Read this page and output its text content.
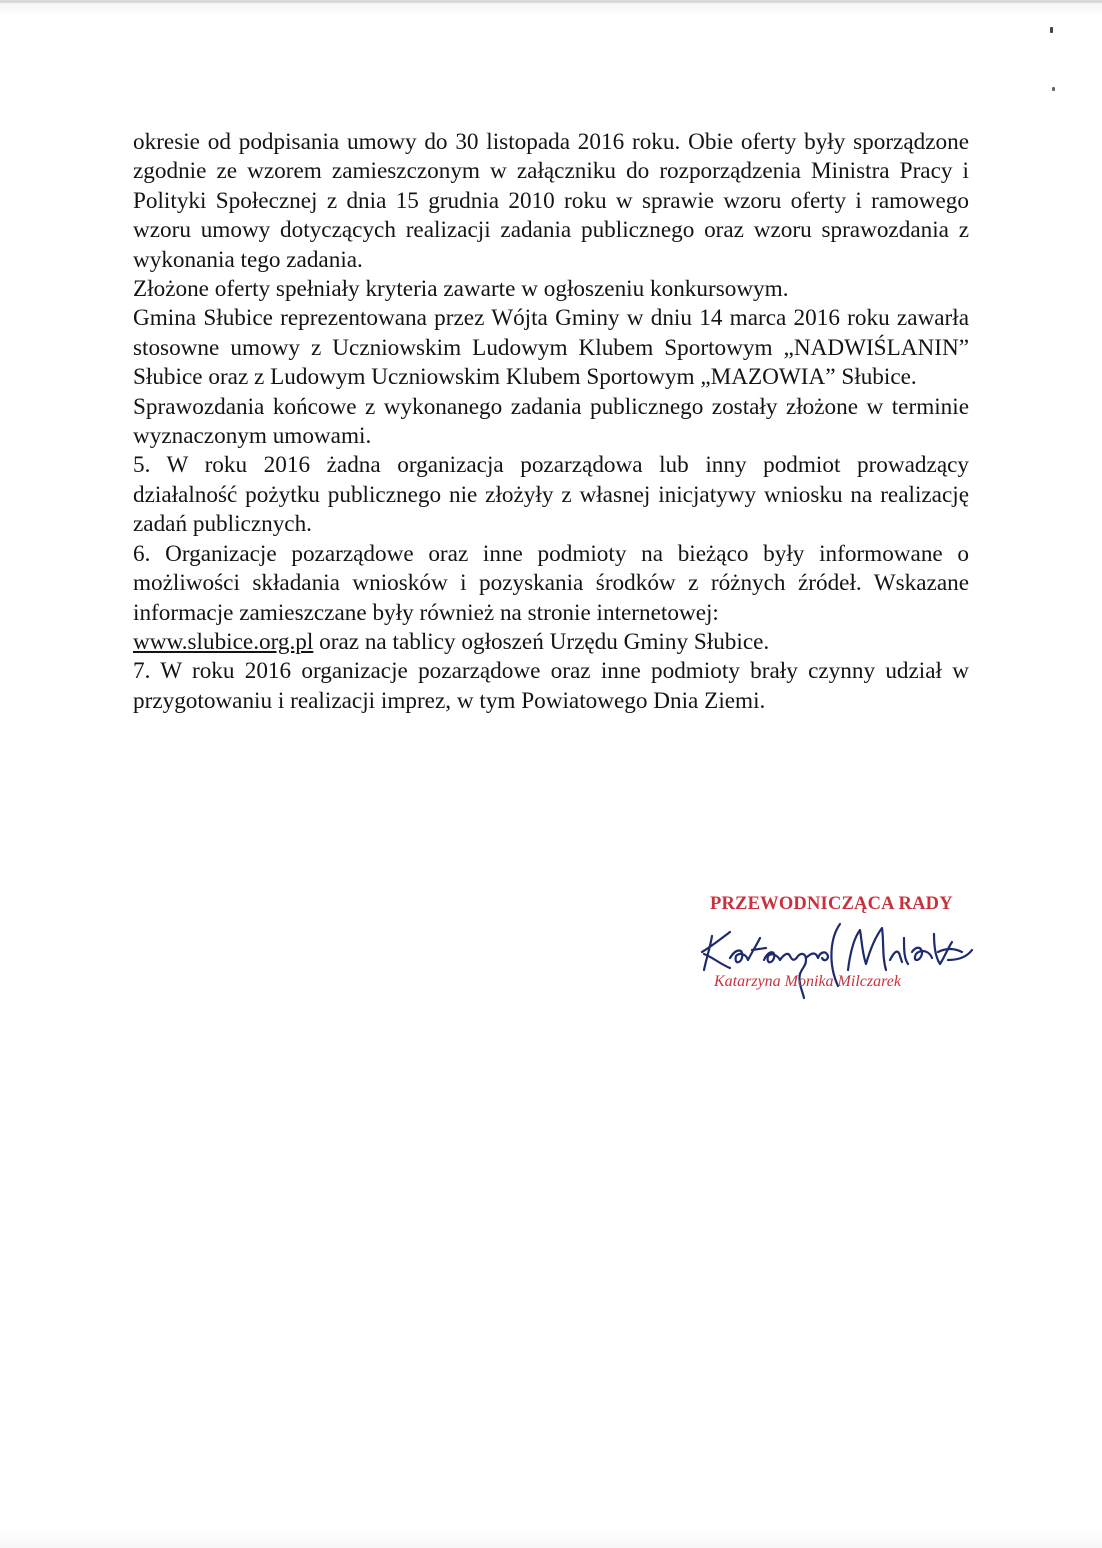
okresie od podpisania umowy do 30 listopada 2016 roku. Obie oferty były sporządzone zgodnie ze wzorem zamieszczonym w załączniku do rozporządzenia Ministra Pracy i Polityki Społecznej z dnia 15 grudnia 2010 roku w sprawie wzoru oferty i ramowego wzoru umowy dotyczących realizacji zadania publicznego oraz wzoru sprawozdania z wykonania tego zadania.

Złożone oferty spełniały kryteria zawarte w ogłoszeniu konkursowym.

Gmina Słubice reprezentowana przez Wójta Gminy w dniu 14 marca 2016 roku zawarła stosowne umowy z Uczniowskim Ludowym Klubem Sportowym „NADWIŚLANIN” Słubice oraz z Ludowym Uczniowskim Klubem Sportowym „MAZOWIA” Słubice.

Sprawozdania końcowe z wykonanego zadania publicznego zostały złożone w terminie wyznaczonym umowami.

5. W roku 2016 żadna organizacja pozarządowa lub inny podmiot prowadzący działalność pożytku publicznego nie złożyły z własnej inicjatywy wniosku na realizację zadań publicznych.

6. Organizacje pozarządowe oraz inne podmioty na bieżąco były informowane o możliwości składania wniosków i pozyskania środków z różnych źródeł. Wskazane informacje zamieszczane były również na stronie internetowej:
www.slubice.org.pl oraz na tablicy ogłoszeń Urzędu Gminy Słubice.

7. W roku 2016 organizacje pozarządowe oraz inne podmioty brały czynny udział w przygotowaniu i realizacji imprez, w tym Powiatowego Dnia Ziemi.

PRZEWODNICZĄCA RADY
Katarzyna Monika Milczarek
